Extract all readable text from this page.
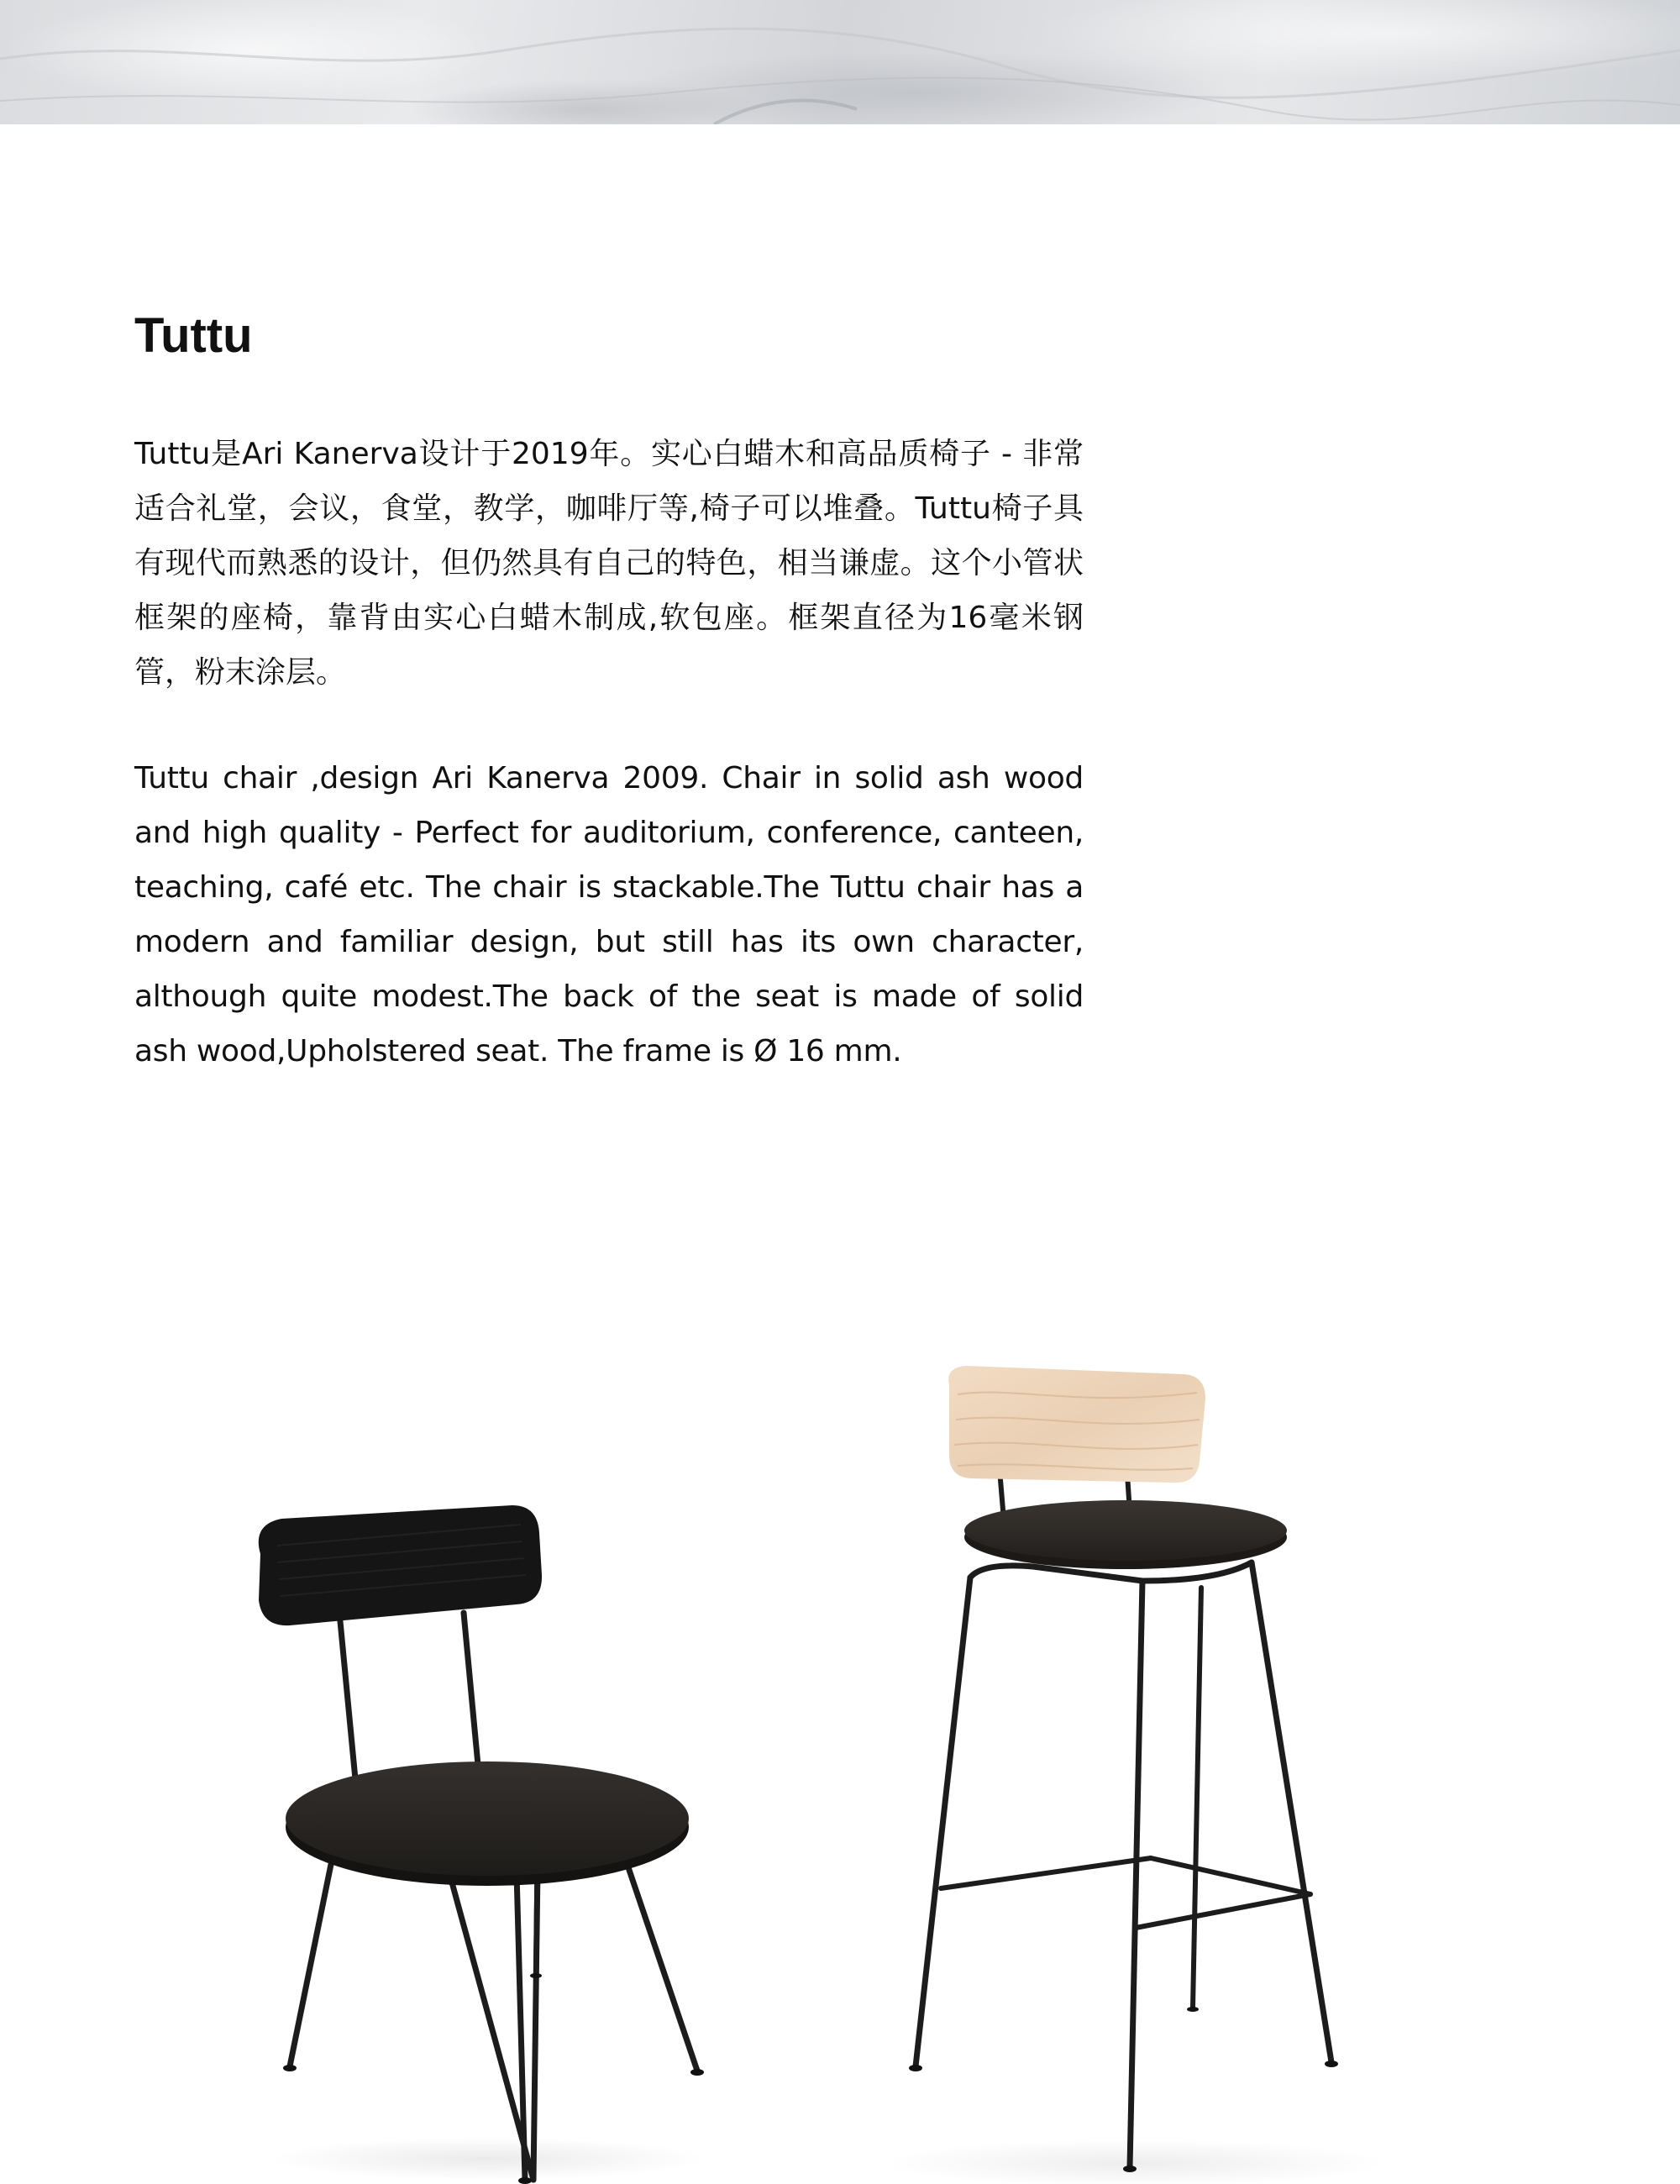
Tuttu

Tuttu是Ari Kanerva设计于2019年。实心白蜡木和高品质椅子 - 非常适合礼堂，会议，食堂，教学，咖啡厅等,椅子可以堆叠。Tuttu椅子具有现代而熟悉的设计，但仍然具有自己的特色，相当谦虚。这个小管状框架的座椅，靠背由实心白蜡木制成,软包座。框架直径为16毫米钢管，粉末涂层。

Tuttu chair ,design Ari Kanerva 2009. Chair in solid ash wood and high quality - Perfect for auditorium, conference, canteen, teaching, café etc. The chair is stackable.The Tuttu chair has a modern and familiar design, but still has its own character, although quite modest.The back of the seat is made of solid ash wood,Upholstered seat. The frame is Ø 16 mm.
